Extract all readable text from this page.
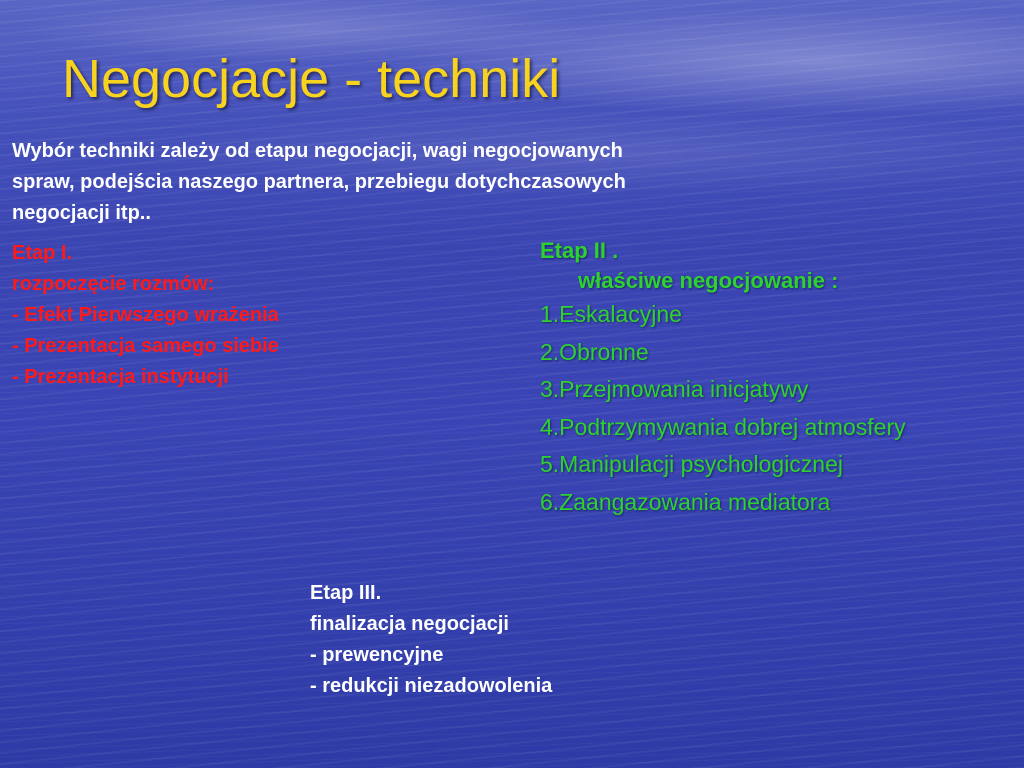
Negocjacje - techniki
Wybór techniki zależy od etapu negocjacji, wagi negocjowanych
spraw, podejścia naszego partnera, przebiegu dotychczasowych
negocjacji itp..
Etap I.
rozpoczęcie rozmów:
- Efekt Pierwszego wrażenia
- Prezentacja samego siebie
- Prezentacja instytucji
Etap II .
właściwe negocjowanie :
1.Eskalacyjne
2.Obronne
3.Przejmowania inicjatywy
4.Podtrzymywania dobrej atmosfery
5.Manipulacji psychologicznej
6.Zaangazowania mediatora
Etap III.
finalizacja negocjacji
- prewencyjne
- redukcji niezadowolenia
